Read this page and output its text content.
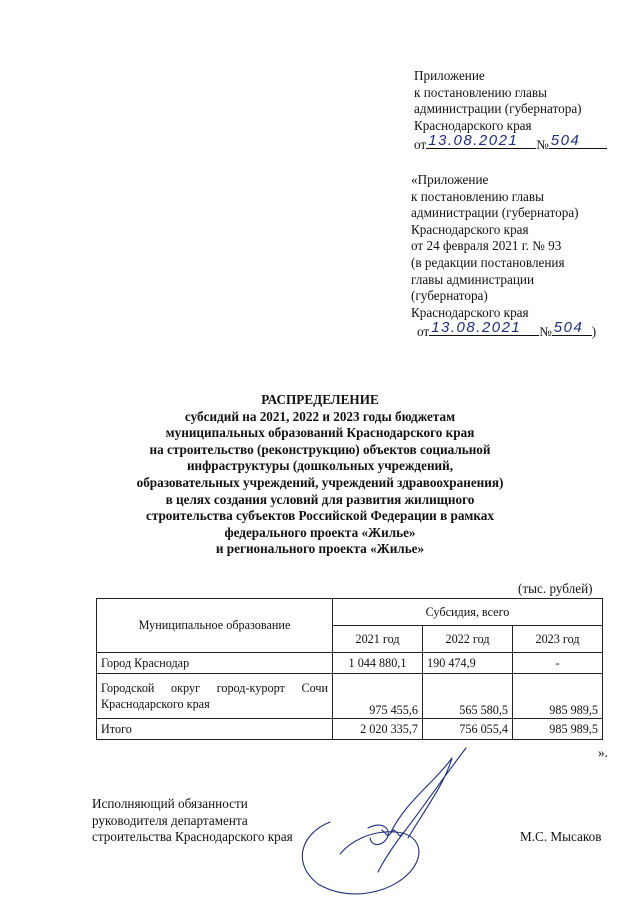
Приложение
к постановлению главы
администрации (губернатора)
Краснодарского края
от 13.08.2021 № 504
«Приложение
к постановлению главы
администрации (губернатора)
Краснодарского края
от 24 февраля 2021 г. № 93
(в редакции постановления
главы администрации
(губернатора)
Краснодарского края
от 13.08.2021 № 504 )
РАСПРЕДЕЛЕНИЕ
субсидий на 2021, 2022 и 2023 годы бюджетам
муниципальных образований Краснодарского края
на строительство (реконструкцию) объектов социальной
инфраструктуры (дошкольных учреждений,
образовательных учреждений, учреждений здравоохранения)
в целях создания условий для развития жилищного
строительства субъектов Российской Федерации в рамках
федерального проекта «Жилье»
и регионального проекта «Жилье»
(тыс. рублей)
Муниципальное образование	Субсидия, всего		
	2021 год	2022 год	2023 год
Город Краснодар	1 044 880,1	190 474,9	-

Городской округ город-курорт Сочи
Краснодарского края	975 455,6	565 580,5	985 989,5
Итого	2 020 335,7	756 055,4	985 989,5
».
Исполняющий обязанности
руководителя департамента
строительства Краснодарского края	М.С. Мысаков
